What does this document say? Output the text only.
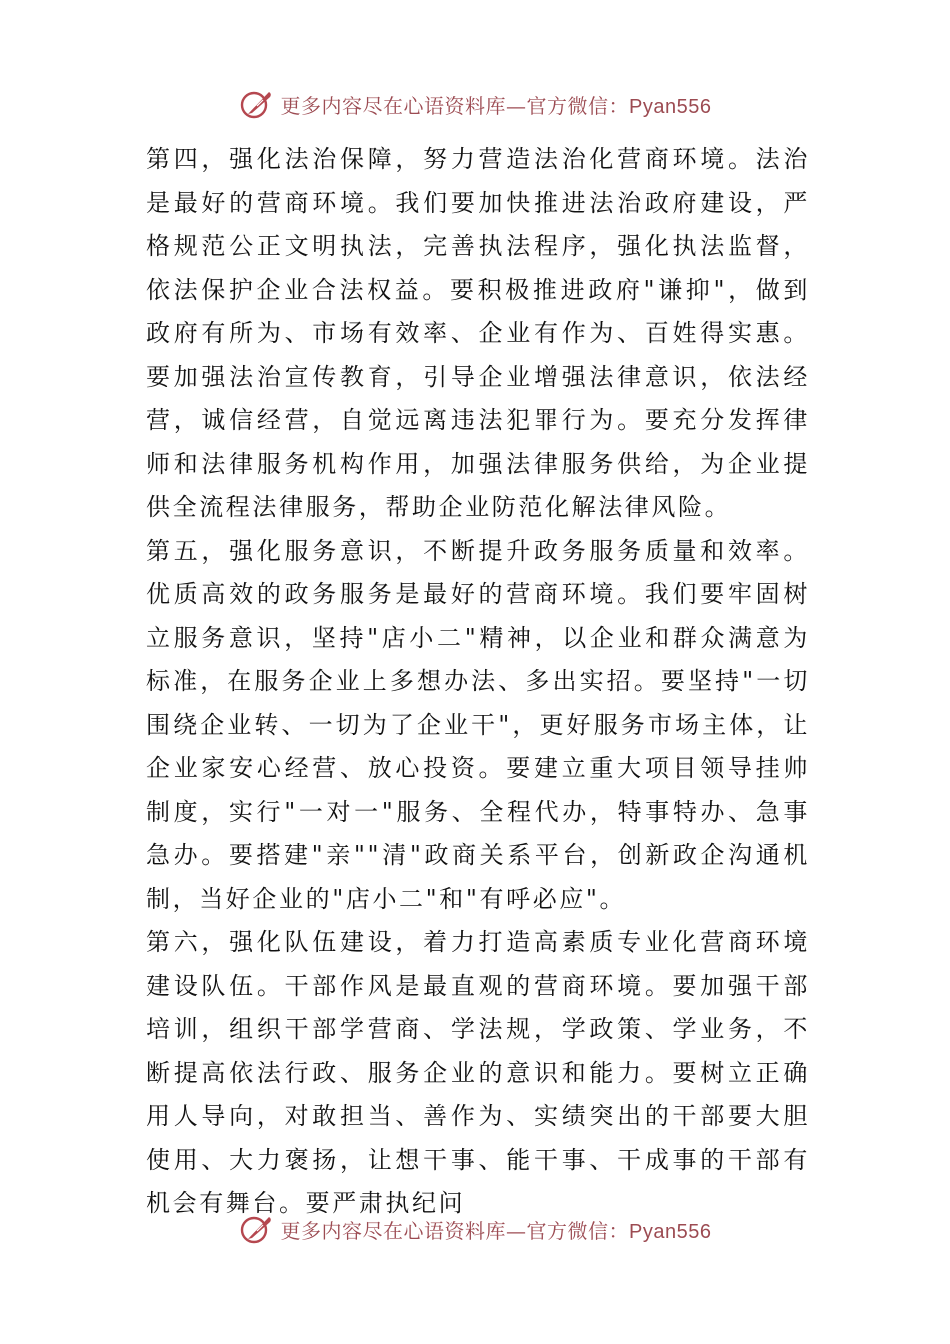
更多内容尽在心语资料库—官方微信：Pyan556

第四，强化法治保障，努力营造法治化营商环境。法治是最好的营商环境。我们要加快推进法治政府建设，严格规范公正文明执法，完善执法程序，强化执法监督，依法保护企业合法权益。要积极推进政府"谦抑"，做到政府有所为、市场有效率、企业有作为、百姓得实惠。要加强法治宣传教育，引导企业增强法律意识，依法经营，诚信经营，自觉远离违法犯罪行为。要充分发挥律师和法律服务机构作用，加强法律服务供给，为企业提供全流程法律服务，帮助企业防范化解法律风险。

第五，强化服务意识，不断提升政务服务质量和效率。优质高效的政务服务是最好的营商环境。我们要牢固树立服务意识，坚持"店小二"精神，以企业和群众满意为标准，在服务企业上多想办法、多出实招。要坚持"一切围绕企业转、一切为了企业干"，更好服务市场主体，让企业家安心经营、放心投资。要建立重大项目领导挂帅制度，实行"一对一"服务、全程代办，特事特办、急事急办。要搭建"亲""清"政商关系平台，创新政企沟通机制，当好企业的"店小二"和"有呼必应"。

第六，强化队伍建设，着力打造高素质专业化营商环境建设队伍。干部作风是最直观的营商环境。要加强干部培训，组织干部学营商、学法规，学政策、学业务，不断提高依法行政、服务企业的意识和能力。要树立正确用人导向，对敢担当、善作为、实绩突出的干部要大胆使用、大力褒扬，让想干事、能干事、干成事的干部有机会有舞台。要严肃执纪问

更多内容尽在心语资料库—官方微信：Pyan556
